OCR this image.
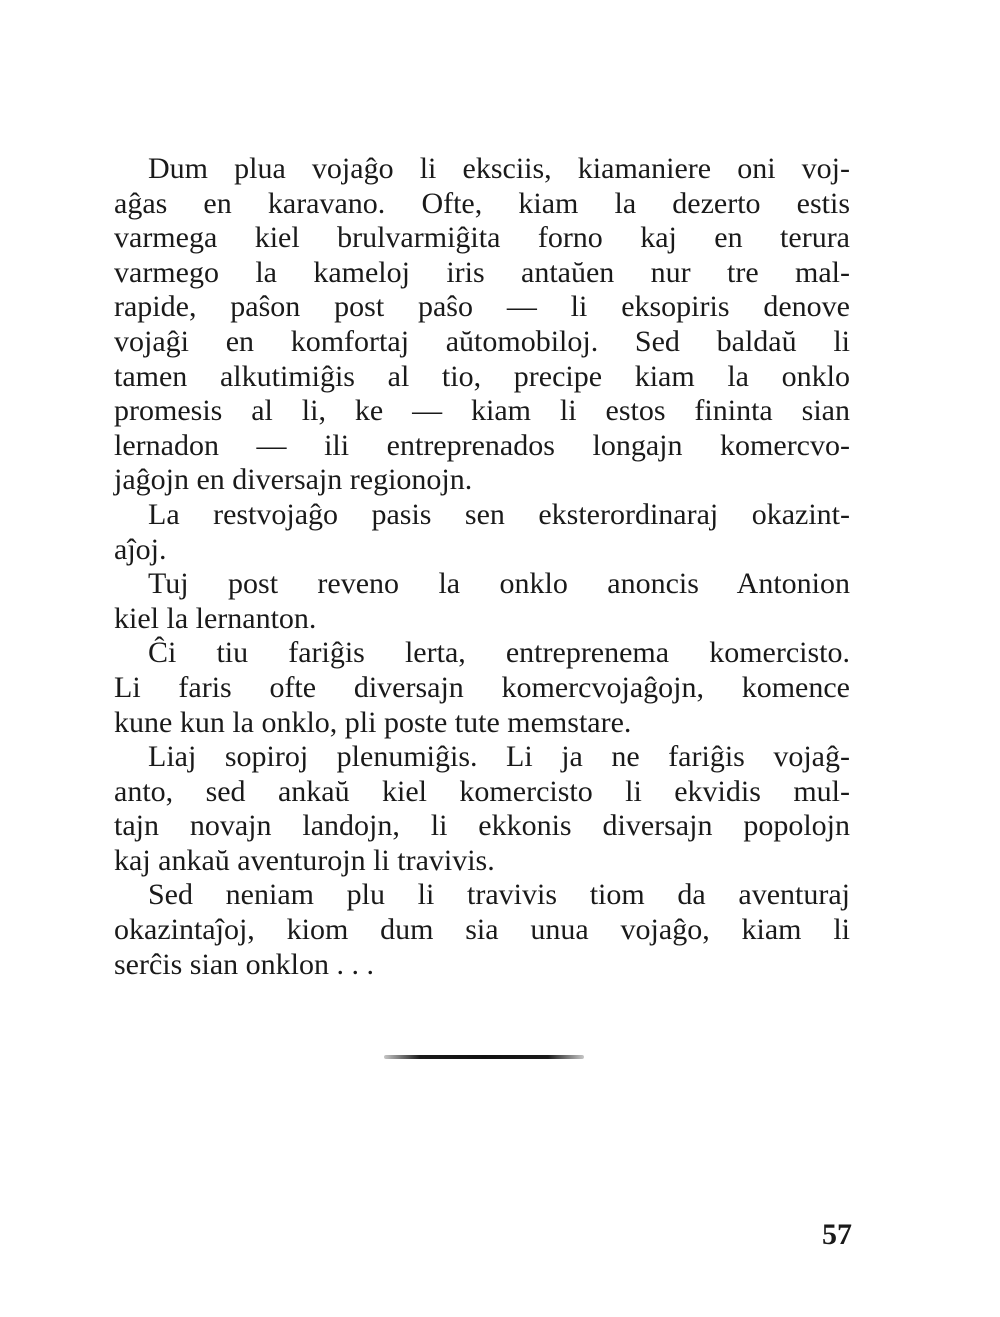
Dum plua vojaĝo li eksciis, kiamaniere oni voj-
aĝas en karavano. Ofte, kiam la dezerto estis
varmega kiel brulvarmiĝita forno kaj en terura
varmego la kameloj iris antaŭen nur tre mal-
rapide, paŝon post paŝo — li eksopiris denove
vojaĝi en komfortaj aŭtomobiloj. Sed baldaŭ li
tamen alkutimiĝis al tio, precipe kiam la onklo
promesis al li, ke — kiam li estos fininta sian
lernadon — ili entreprenados longajn komercvo-
jaĝojn en diversajn regionojn.
La restvojaĝo pasis sen eksterordinaraj okazint-
aĵoj.
Tuj post reveno la onklo anoncis Antonion
kiel la lernanton.
Ĉi tiu fariĝis lerta, entreprenema komercisto.
Li faris ofte diversajn komercvojaĝojn, komence
kune kun la onklo, pli poste tute memstare.
Liaj sopiroj plenumiĝis. Li ja ne fariĝis vojaĝ-
anto, sed ankaŭ kiel komercisto li ekvidis mul-
tajn novajn landojn, li ekkonis diversajn popolojn
kaj ankaŭ aventurojn li travivis.
Sed neniam plu li travivis tiom da aventuraj
okazintaĵoj, kiom dum sia unua vojaĝo, kiam li
serĉis sian onklon . . .
57
